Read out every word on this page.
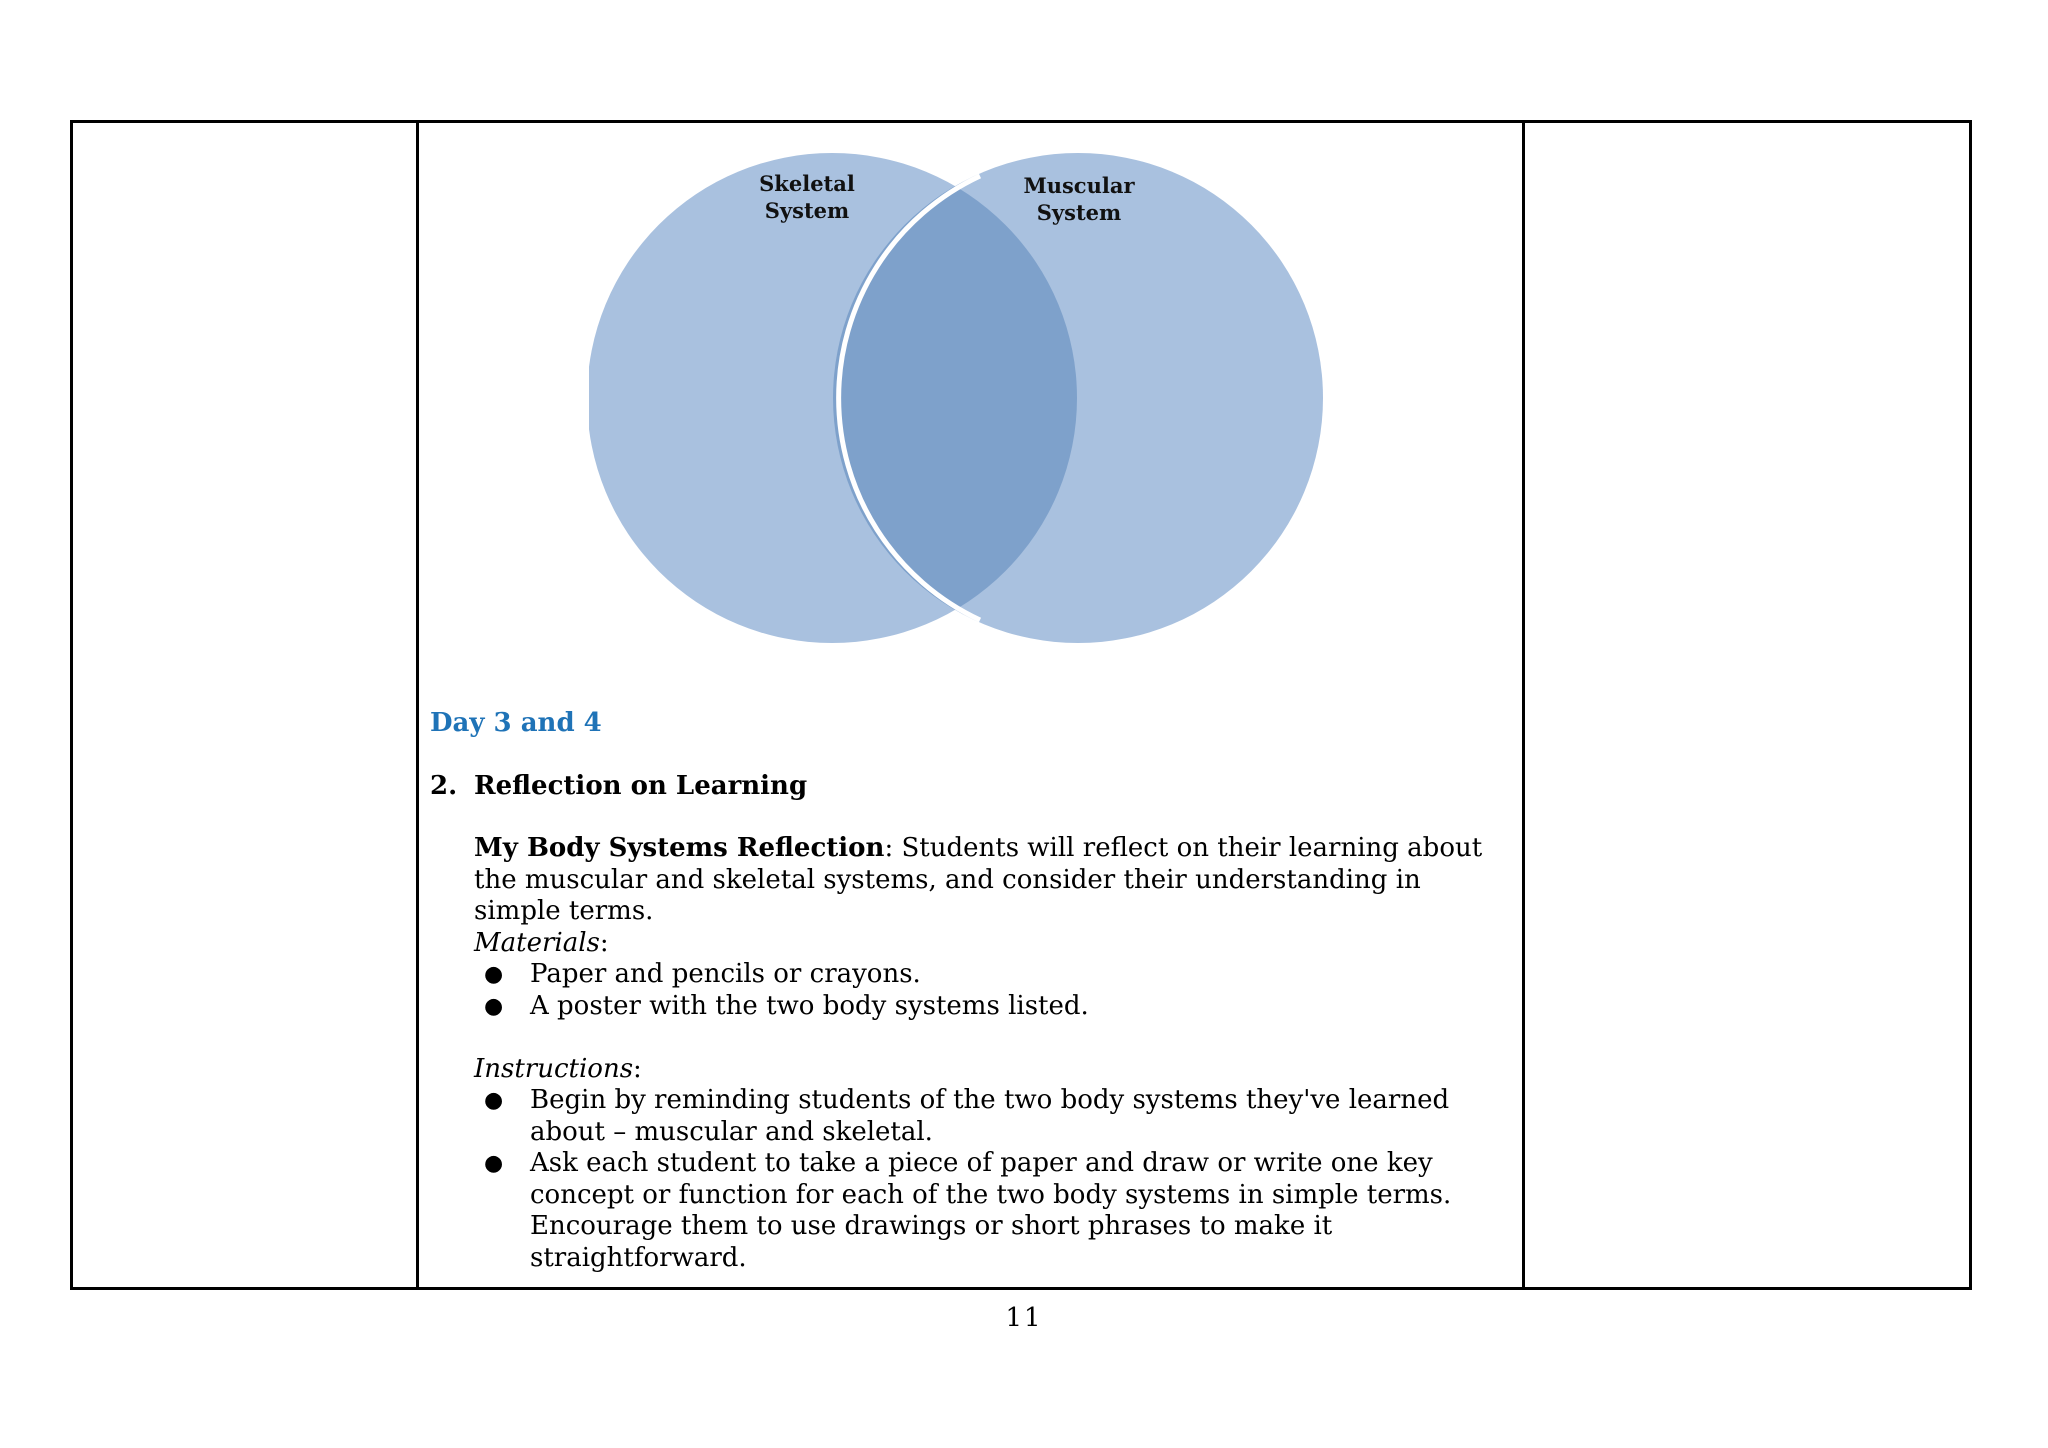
Skeletal
System
Muscular
System
Day 3 and 4
2. Reflection on Learning

My Body Systems Reflection: Students will reflect on their learning about
the muscular and skeletal systems, and consider their understanding in
simple terms.

Materials:

●	Paper and pencils or crayons.
●	A poster with the two body systems listed.

Instructions:

●	Begin by reminding students of the two body systems they've learned
about – muscular and skeletal.
●	Ask each student to take a piece of paper and draw or write one key
concept or function for each of the two body systems in simple terms.
Encourage them to use drawings or short phrases to make it
straightforward.
11
